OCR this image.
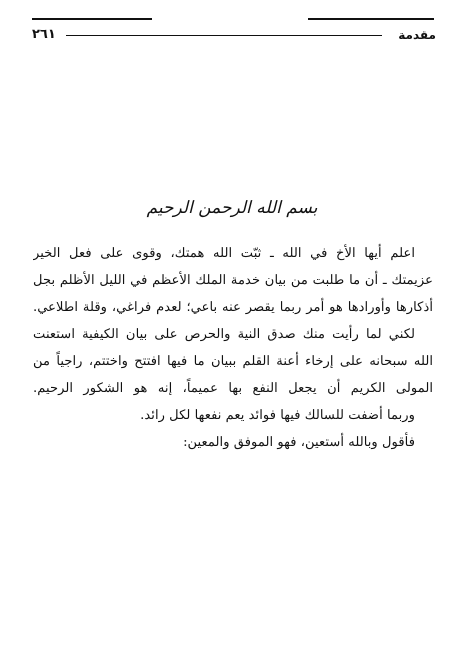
مقدمة
٢٦١
بسم الله الرحمن الرحيم
اعلم أيها الأخ في الله ـ ثبّت الله همتك، وقوى على فعل الخير
عزيمتك ـ أن ما طلبت من بيان خدمة الملك الأعظم في الليل الأظلم بجل
أذكارها وأورادها هو أمر ربما يقصر عنه باعي؛ لعدم فراغي، وقلة اطلاعي.
لكني لما رأيت منك صدق النية والحرص على بيان الكيفية استعنت
الله سبحانه على إرخاء أعنة القلم ببيان ما فيها افتتح واختتم، راجياً من
المولى الكريم أن يجعل النفع بها عميماً، إنه هو الشكور الرحيم.
وربما أضفت للسالك فيها فوائد يعم نفعها لكل رائد.
فأقول وبالله أستعين، فهو الموفق والمعين:
